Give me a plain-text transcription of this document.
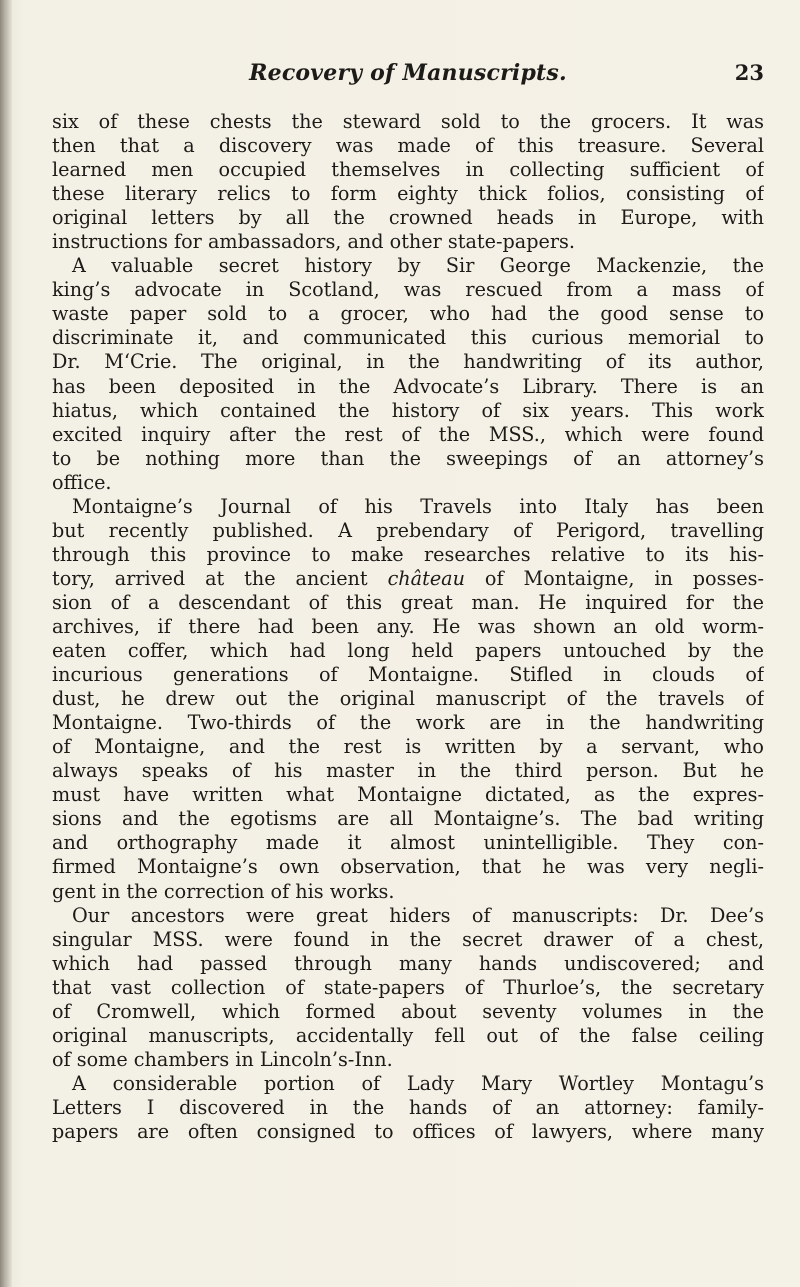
Recovery of Manuscripts.	23
six of these chests the steward sold to the grocers. It was
then that a discovery was made of this treasure. Several
learned men occupied themselves in collecting sufficient of
these literary relics to form eighty thick folios, consisting of
original letters by all the crowned heads in Europe, with
instructions for ambassadors, and other state-papers.
A valuable secret history by Sir George Mackenzie, the
king’s advocate in Scotland, was rescued from a mass of
waste paper sold to a grocer, who had the good sense to
discriminate it, and communicated this curious memorial to
Dr. M‘Crie. The original, in the handwriting of its author,
has been deposited in the Advocate’s Library. There is an
hiatus, which contained the history of six years. This work
excited inquiry after the rest of the MSS., which were found
to be nothing more than the sweepings of an attorney’s
office.
Montaigne’s Journal of his Travels into Italy has been
but recently published. A prebendary of Perigord, travelling
through this province to make researches relative to its his-
tory, arrived at the ancient château of Montaigne, in posses-
sion of a descendant of this great man. He inquired for the
archives, if there had been any. He was shown an old worm-
eaten coffer, which had long held papers untouched by the
incurious generations of Montaigne. Stifled in clouds of
dust, he drew out the original manuscript of the travels of
Montaigne. Two-thirds of the work are in the handwriting
of Montaigne, and the rest is written by a servant, who
always speaks of his master in the third person. But he
must have written what Montaigne dictated, as the expres-
sions and the egotisms are all Montaigne’s. The bad writing
and orthography made it almost unintelligible. They con-
firmed Montaigne’s own observation, that he was very negli-
gent in the correction of his works.
Our ancestors were great hiders of manuscripts: Dr. Dee’s
singular MSS. were found in the secret drawer of a chest,
which had passed through many hands undiscovered; and
that vast collection of state-papers of Thurloe’s, the secretary
of Cromwell, which formed about seventy volumes in the
original manuscripts, accidentally fell out of the false ceiling
of some chambers in Lincoln’s-Inn.
A considerable portion of Lady Mary Wortley Montagu’s
Letters I discovered in the hands of an attorney: family-
papers are often consigned to offices of lawyers, where many
